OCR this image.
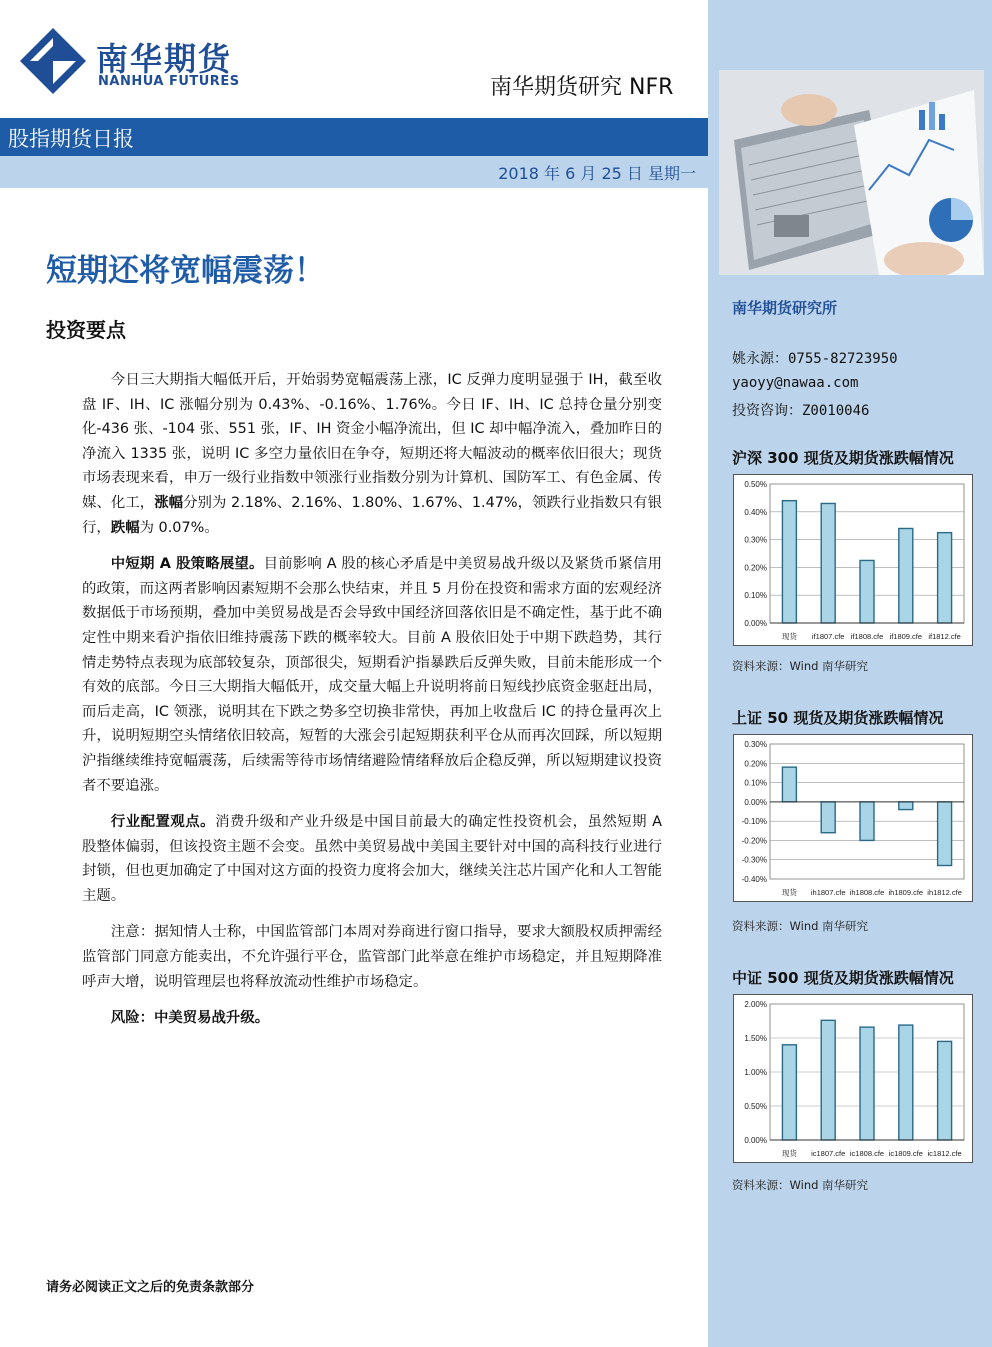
南华期货
NANHUA FUTURES	南华期货研究 NFR
股指期货日报
2018 年 6 月 25 日 星期一
短期还将宽幅震荡！
投资要点

今日三大期指大幅低开后，开始弱势宽幅震荡上涨，IC 反弹力度明显强于 IH，截至收盘 IF、IH、IC 涨幅分别为 0.43%、-0.16%、1.76%。今日 IF、IH、IC 总持仓量分别变化-436 张、-104 张、551 张，IF、IH 资金小幅净流出，但 IC 却中幅净流入，叠加昨日的净流入 1335 张，说明 IC 多空力量依旧在争夺，短期还将大幅波动的概率依旧很大；现货市场表现来看，申万一级行业指数中领涨行业指数分别为计算机、国防军工、有色金属、传媒、化工，涨幅分别为 2.18%、2.16%、1.80%、1.67%、1.47%，领跌行业指数只有银行，跌幅为 0.07%。

中短期 A 股策略展望。目前影响 A 股的核心矛盾是中美贸易战升级以及紧货币紧信用的政策，而这两者影响因素短期不会那么快结束，并且 5 月份在投资和需求方面的宏观经济数据低于市场预期，叠加中美贸易战是否会导致中国经济回落依旧是不确定性，基于此不确定性中期来看沪指依旧维持震荡下跌的概率较大。目前 A 股依旧处于中期下跌趋势，其行情走势特点表现为底部较复杂，顶部很尖，短期看沪指暴跌后反弹失败，目前未能形成一个有效的底部。今日三大期指大幅低开，成交量大幅上升说明将前日短线抄底资金驱赶出局，而后走高，IC 领涨，说明其在下跌之势多空切换非常快，再加上收盘后 IC 的持仓量再次上升，说明短期空头情绪依旧较高，短暂的大涨会引起短期获利平仓从而再次回踩，所以短期沪指继续维持宽幅震荡，后续需等待市场情绪避险情绪释放后企稳反弹，所以短期建议投资者不要追涨。

行业配置观点。消费升级和产业升级是中国目前最大的确定性投资机会，虽然短期 A 股整体偏弱，但该投资主题不会变。虽然中美贸易战中美国主要针对中国的高科技行业进行封锁，但也更加确定了中国对这方面的投资力度将会加大，继续关注芯片国产化和人工智能主题。

注意：据知情人士称，中国监管部门本周对券商进行窗口指导，要求大额股权质押需经监管部门同意方能卖出，不允许强行平仓，监管部门此举意在维护市场稳定，并且短期降准呼声大增，说明管理层也将释放流动性维护市场稳定。

风险：中美贸易战升级。

请务必阅读正文之后的免责条款部分
南华期货研究所
姚永源：0755-82723950
yaoyy@nawaa.com
投资咨询：Z0010046
沪深 300 现货及期货涨跌幅情况
0.50%
0.40%
0.30%
0.20%
0.10%
0.00%
现货 if1807.cfe if1808.cfe if1809.cfe if1812.cfe
资料来源：Wind 南华研究
上证 50 现货及期货涨跌幅情况
0.30%
0.20%
0.10%
0.00%
-0.10%
-0.20%
-0.30%
-0.40%
现货 ih1807.cfe ih1808.cfe ih1809.cfe ih1812.cfe
资料来源：Wind 南华研究
中证 500 现货及期货涨跌幅情况
2.00%
1.50%
1.00%
0.50%
0.00%
现货 ic1807.cfe ic1808.cfe ic1809.cfe ic1812.cfe
资料来源：Wind 南华研究
